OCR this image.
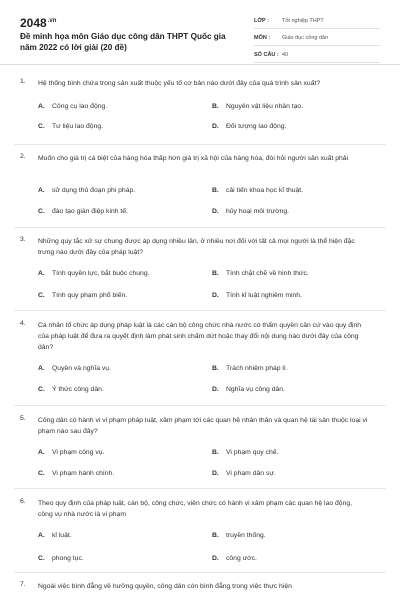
$2048^{.vn}$
Đề minh họa môn Giáo dục công dân THPT Quốc gia năm 2022 có lời giải (20 đề)
LỚP :	Tốt nghiệp THPT
MÔN :	Giáo dục công dân
SỐ CÂU : 40
1. Hệ thống bình chứa trong sản xuất thuộc yếu tố cơ bản nào dưới đây của quá trình sản xuất?
A. Công cụ lao động.	B. Nguyên vật liệu nhân tạo.
C. Tư liệu lao động.	D. Đối tượng lao động.
2. Muốn cho giá trị cá biệt của hàng hóa thấp hơn giá trị xã hội của hàng hóa, đòi hỏi người sản xuất phải
A. sử dụng thủ đoạn phi pháp.	B. cải tiến khoa học kĩ thuật.
C. đào tạo gián điệp kinh tế.	D. hủy hoại môi trường.
3. Những quy tắc xử sự chung được áp dụng nhiều lần, ở nhiều nơi đối với tất cả mọi người là thể hiện đặc trưng nào dưới đây của pháp luật?
A. Tính quyền lực, bắt buộc chung.	B. Tính chặt chẽ về hình thức.
C. Tính quy phạm phổ biến.	D. Tính kỉ luật nghiêm minh.
4. Cá nhân tổ chức áp dụng pháp luật là các cán bộ công chức nhà nước có thẩm quyền căn cứ vào quy định của pháp luật để đưa ra quyết định làm phát sinh chấm dứt hoặc thay đổi nội dung nào dưới đây của công dân?
A. Quyền và nghĩa vụ.	B. Trách nhiệm pháp lí.
C. Ý thức công dân.	D. Nghĩa vụ công dân.
5. Công dân có hành vi vi phạm pháp luật, xâm phạm tới các quan hệ nhân thân và quan hệ tài sản thuộc loại vi phạm nào sau đây?
A. Vi phạm công vụ.	B. Vi phạm quy chế.
C. Vi phạm hành chính.	D. Vi phạm dân sự.
6. Theo quy định của pháp luật, cán bộ, công chức, viên chức có hành vi xâm phạm các quan hệ lao động, công vụ nhà nước là vi phạm
A. kỉ luật.	B. truyền thống.
C. phong tục.	D. công ước.
7. Ngoài việc bình đẳng về hưởng quyền, công dân còn bình đẳng trong việc thực hiện
